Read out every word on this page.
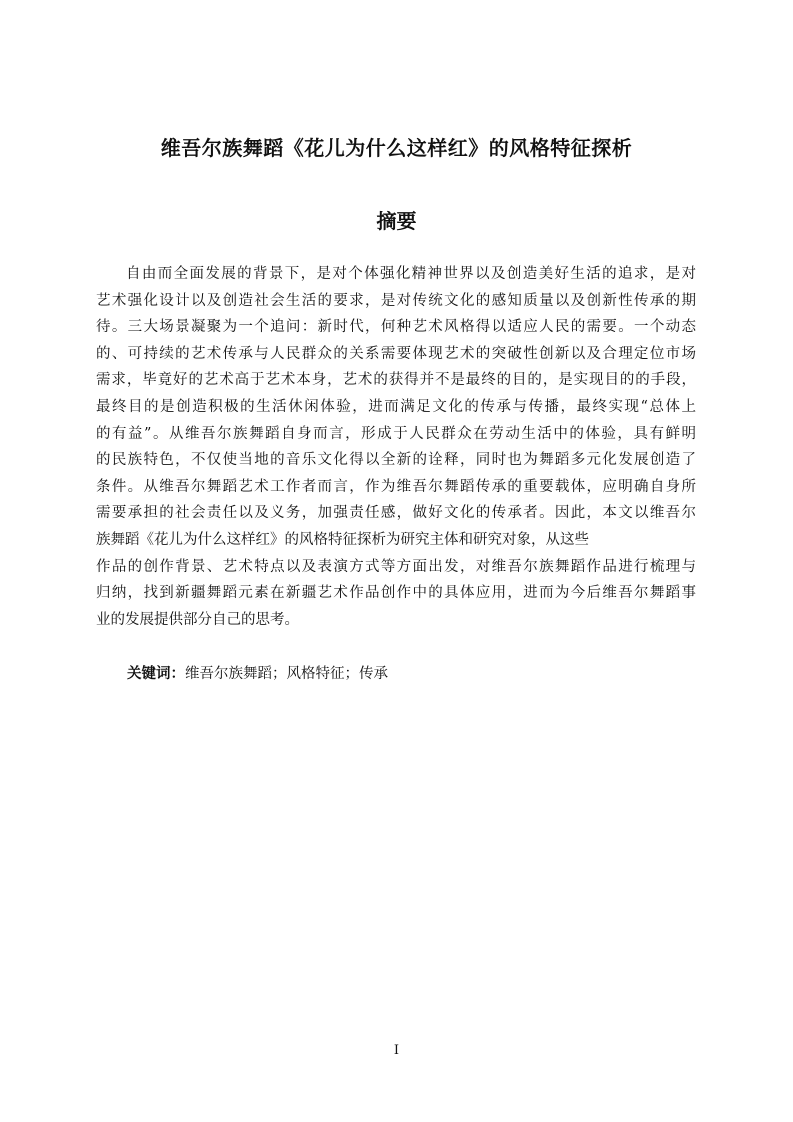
维吾尔族舞蹈《花儿为什么这样红》的风格特征探析
摘要
自由而全面发展的背景下，是对个体强化精神世界以及创造美好生活的追求，是对
艺术强化设计以及创造社会生活的要求，是对传统文化的感知质量以及创新性传承的期
待。三大场景凝聚为一个追问：新时代，何种艺术风格得以适应人民的需要。一个动态
的、可持续的艺术传承与人民群众的关系需要体现艺术的突破性创新以及合理定位市场
需求，毕竟好的艺术高于艺术本身，艺术的获得并不是最终的目的，是实现目的的手段，
最终目的是创造积极的生活休闲体验，进而满足文化的传承与传播，最终实现“总体上
的有益”。从维吾尔族舞蹈自身而言，形成于人民群众在劳动生活中的体验，具有鲜明
的民族特色，不仅使当地的音乐文化得以全新的诠释，同时也为舞蹈多元化发展创造了
条件。从维吾尔舞蹈艺术工作者而言，作为维吾尔舞蹈传承的重要载体，应明确自身所
需要承担的社会责任以及义务，加强责任感，做好文化的传承者。因此，本文以维吾尔
族舞蹈《花儿为什么这样红》的风格特征探析为研究主体和研究对象，从这些
作品的创作背景、艺术特点以及表演方式等方面出发，对维吾尔族舞蹈作品进行梳理与
归纳，找到新疆舞蹈元素在新疆艺术作品创作中的具体应用，进而为今后维吾尔舞蹈事
业的发展提供部分自己的思考。
关键词：维吾尔族舞蹈；风格特征；传承
I
